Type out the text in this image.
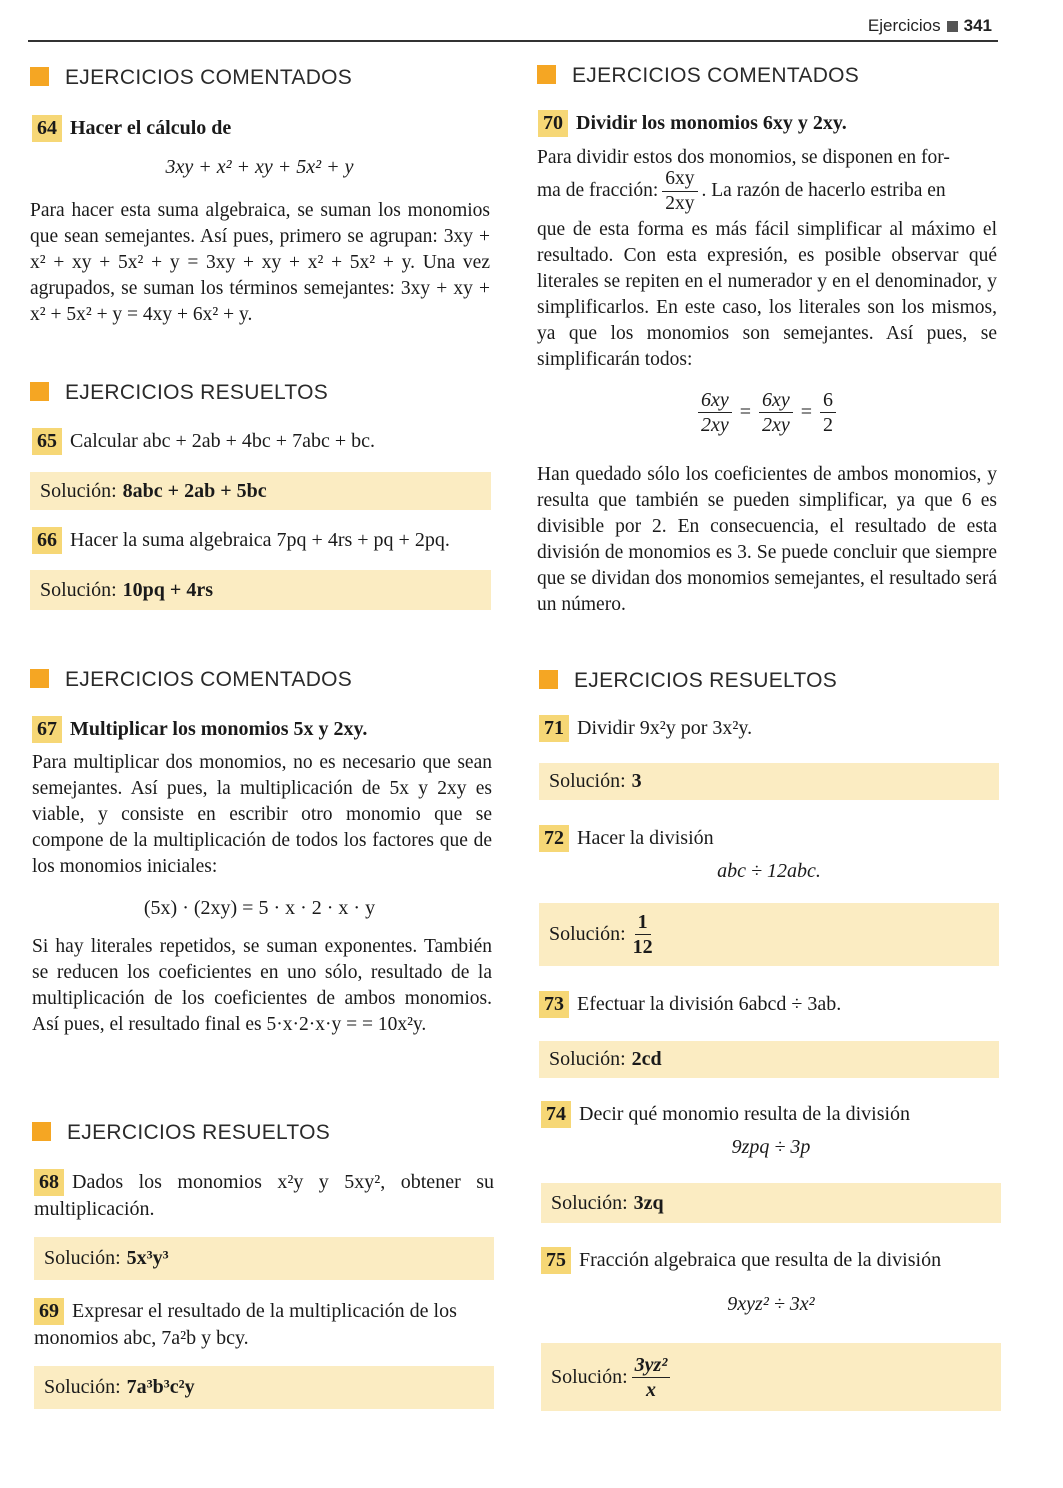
Ejercicios 341
EJERCICIOS COMENTADOS
64 Hacer el cálculo de
3xy + x² + xy + 5x² + y
Para hacer esta suma algebraica, se suman los monomios que sean semejantes. Así pues, primero se agrupan: 3xy + x² + xy + 5x² + y = 3xy + xy + x² + 5x² + y. Una vez agrupados, se suman los términos semejantes: 3xy + xy + x² + 5x² + y = 4xy + 6x² + y.
EJERCICIOS RESUELTOS
65 Calcular abc + 2ab + 4bc + 7abc + bc.
Solución: 8abc + 2ab + 5bc
66 Hacer la suma algebraica 7pq + 4rs + pq + 2pq.
Solución: 10pq + 4rs
EJERCICIOS COMENTADOS
67 Multiplicar los monomios 5x y 2xy.
Para multiplicar dos monomios, no es necesario que sean semejantes. Así pues, la multiplicación de 5x y 2xy es viable, y consiste en escribir otro monomio que se compone de la multiplicación de todos los factores que de los monomios iniciales:
(5x) · (2xy) = 5 · x · 2 · x · y
Si hay literales repetidos, se suman exponentes. También se reducen los coeficientes en uno sólo, resultado de la multiplicación de los coeficientes de ambos monomios. Así pues, el resultado final es 5·x·2·x·y = = 10x²y.
EJERCICIOS RESUELTOS
68 Dados los monomios x²y y 5xy², obtener su multiplicación.
Solución: 5x³y³
69 Expresar el resultado de la multiplicación de los monomios abc, 7a²b y bcy.
Solución: 7a³b³c²y
EJERCICIOS COMENTADOS
70 Dividir los monomios 6xy y 2xy.
Para dividir estos dos monomios, se disponen en for-
ma de fracción: $\frac{6xy}{2xy}$ . La razón de hacerlo estriba en
que de esta forma es más fácil simplificar al máximo el resultado. Con esta expresión, es posible observar qué literales se repiten en el numerador y en el denominador, y simplificarlos. En este caso, los literales son los mismos, ya que los monomios son semejantes. Así pues, se simplificarán todos:
$\frac{6xy}{2xy} = \frac{6xy}{2xy} = \frac{6}{2}$
Han quedado sólo los coeficientes de ambos monomios, y resulta que también se pueden simplificar, ya que 6 es divisible por 2. En consecuencia, el resultado de esta división de monomios es 3. Se puede concluir que siempre que se dividan dos monomios semejantes, el resultado será un número.
EJERCICIOS RESUELTOS
71 Dividir 9x²y por 3x²y.
Solución: 3
72 Hacer la división
abc ÷ 12abc.
Solución: $\frac{1}{12}$
73 Efectuar la división 6abcd ÷ 3ab.
Solución: 2cd
74 Decir qué monomio resulta de la división
9zpq ÷ 3p
Solución: 3zq
75 Fracción algebraica que resulta de la división
9xyz² ÷ 3x²
Solución: $\frac{\text{3yz²}}{x}$
